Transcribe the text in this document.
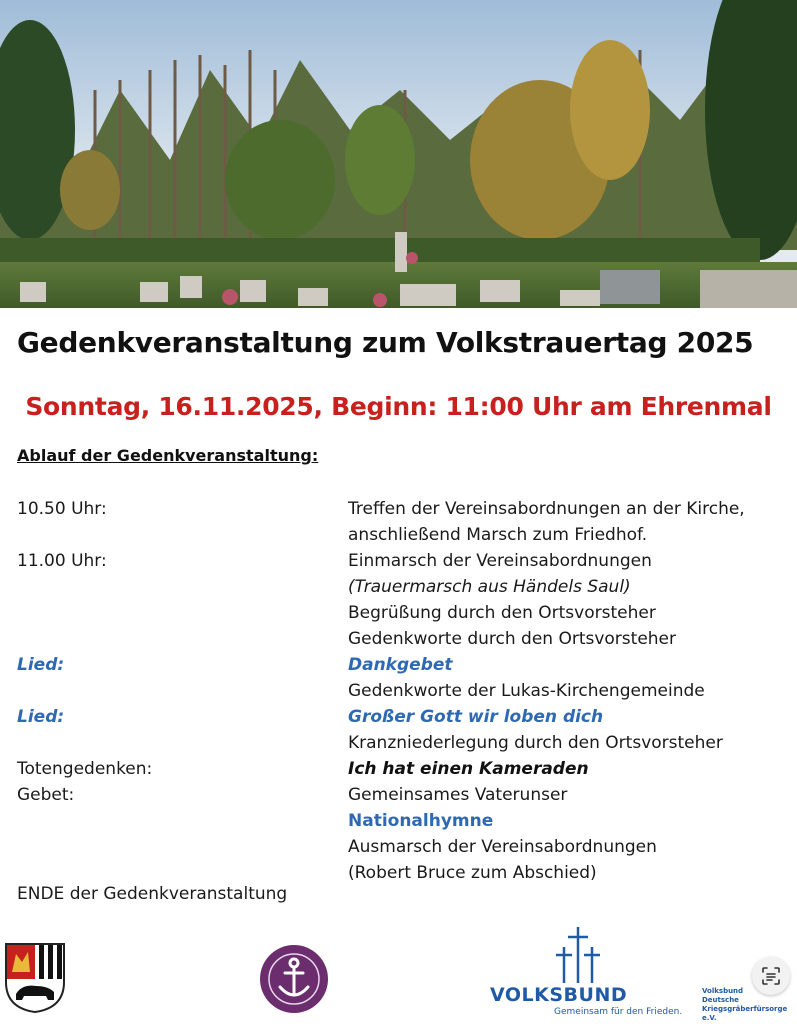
Gedenkveranstaltung zum Volkstrauertag 2025
Sonntag, 16.11.2025, Beginn: 11:00 Uhr am Ehrenmal
Ablauf der Gedenkveranstaltung:
10.50 Uhr:	Treffen der Vereinsabordnungen an der Kirche,
anschließend Marsch zum Friedhof.
11.00 Uhr:	Einmarsch der Vereinsabordnungen
(Trauermarsch aus Händels Saul)
Begrüßung durch den Ortsvorsteher
Gedenkworte durch den Ortsvorsteher
Lied:	Dankgebet
Gedenkworte der Lukas-Kirchengemeinde
Lied:	Großer Gott wir loben dich
Kranzniederlegung durch den Ortsvorsteher
Totengedenken:	Ich hat einen Kameraden
Gebet:	Gemeinsames Vaterunser
Nationalhymne
Ausmarsch der Vereinsabordnungen
(Robert Bruce zum Abschied)
ENDE der Gedenkveranstaltung
VOLKSBUND
Gemeinsam für den Frieden.
Volksbund
Deutsche
Kriegsgräberfürsorge e.V.
